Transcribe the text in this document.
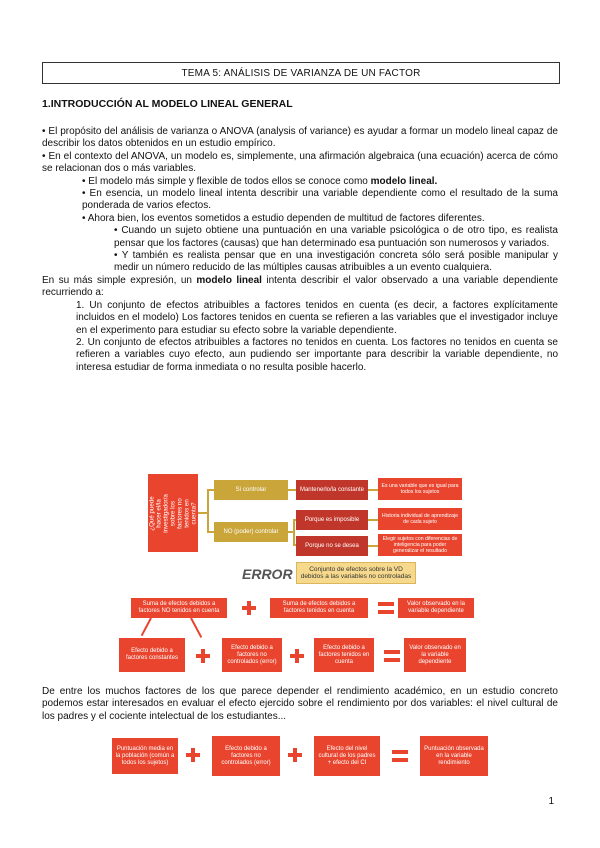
TEMA 5: ANÁLISIS DE VARIANZA DE UN FACTOR
1.INTRODUCCIÓN AL MODELO LINEAL GENERAL

• El propósito del análisis de varianza o ANOVA (analysis of variance) es ayudar a formar un modelo lineal capaz de describir los datos obtenidos en un estudio empírico.

• En el contexto del ANOVA, un modelo es, simplemente, una afirmación algebraica (una ecuación) acerca de cómo se relacionan dos o más variables.

• El modelo más simple y flexible de todos ellos se conoce como modelo lineal.

• En esencia, un modelo lineal intenta describir una variable dependiente como el resultado de la suma ponderada de varios efectos.

• Ahora bien, los eventos sometidos a estudio dependen de multitud de factores diferentes.

• Cuando un sujeto obtiene una puntuación en una variable psicológica o de otro tipo, es realista pensar que los factores (causas) que han determinado esa puntuación son numerosos y variados.

• Y también es realista pensar que en una investigación concreta sólo será posible manipular y medir un número reducido de las múltiples causas atribuibles a un evento cualquiera.

En su más simple expresión, un modelo lineal intenta describir el valor observado a una variable dependiente recurriendo a:

1. Un conjunto de efectos atribuibles a factores tenidos en cuenta (es decir, a factores explícitamente incluidos en el modelo) Los factores tenidos en cuenta se refieren a las variables que el investigador incluye en el experimento para estudiar su efecto sobre la variable dependiente.

2. Un conjunto de efectos atribuibles a factores no tenidos en cuenta. Los factores no tenidos en cuenta se refieren a variables cuyo efecto, aun pudiendo ser importante para describir la variable dependiente, no interesa estudiar de forma inmediata o no resulta posible hacerlo.

¿Qué puede hacer el/la investigador/a sobre los factores no tenidos en cuenta?
Sí controlar
NO (poder) controlar
Mantenerlo/la constante
Porque es imposible
Porque no se desea
Es una variable que es igual para todos los sujetos
Historia individual de aprendizaje de cada sujeto
Elegir sujetos con diferencias de inteligencia para poder generalizar el resultado
ERROR	Conjunto de efectos sobre la VD debidos a las variables no controladas
Suma de efectos debidos a factores NO tenidos en cuenta
Suma de efectos debidos a factores tenidos en cuenta
Valor observado en la variable dependiente
Efecto debido a factores constantes
Efecto debido a factores no controlados (error)
Efecto debido a factores tenidos en cuenta
Valor observado en la variable dependiente

De entre los muchos factores de los que parece depender el rendimiento académico, en un estudio concreto podemos estar interesados en evaluar el efecto ejercido sobre el rendimiento por dos variables: el nivel cultural de los padres y el cociente intelectual de los estudiantes...

Puntuación media en la población (común a todos los sujetos)
Efecto debido a factores no controlados (error)
Efecto del nivel cultural de los padres + efecto del CI
Puntuación observada en la variable rendimiento
1
